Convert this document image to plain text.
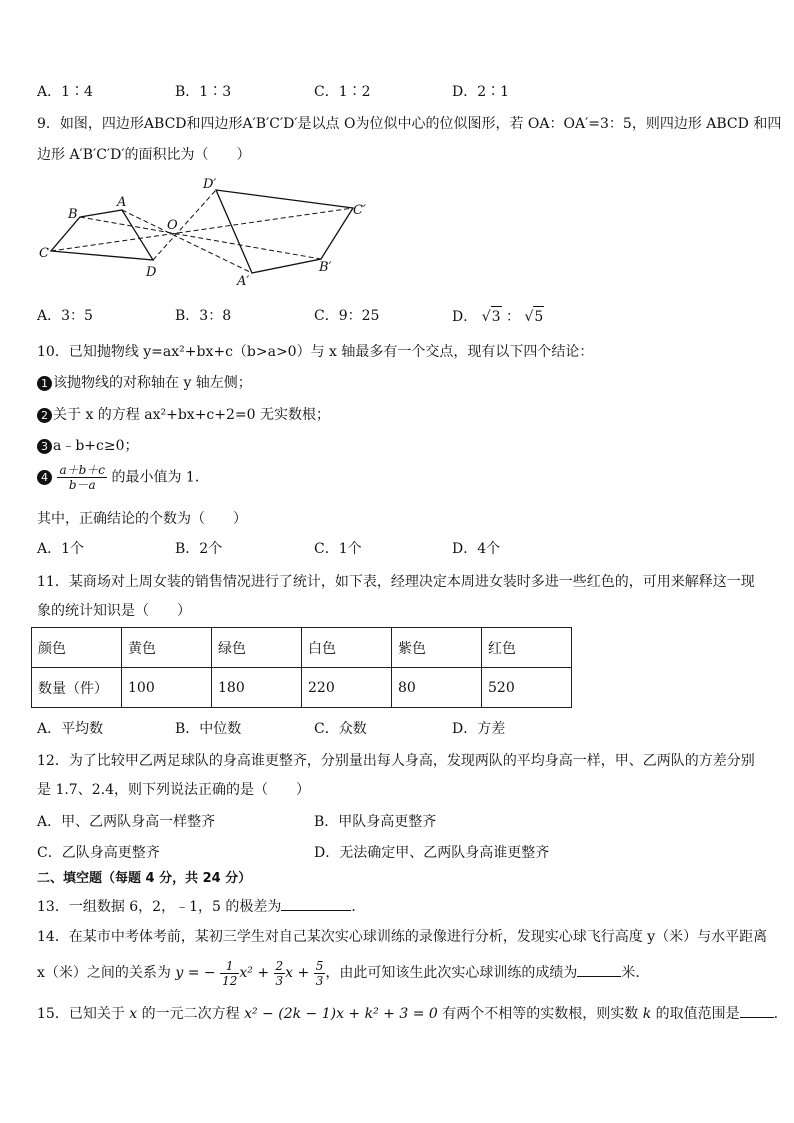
A．1∶4	B．1∶3	C．1∶2	D．2∶1
9．如图，四边形ABCD和四边形A′B′C′D′是以点 O为位似中心的位似图形，若 OA：OA′=3：5，则四边形 ABCD 和四
边形 A′B′C′D′的面积比为（　　）
A
B
C
D
O
A′
B′
C′
D′
A．3：5	B．3：8	C．9：25	D． √3 ： √5
10．已知抛物线 y=ax²+bx+c（b>a>0）与 x 轴最多有一个交点，现有以下四个结论：
1 该抛物线的对称轴在 y 轴左侧；
2 关于 x 的方程 ax²+bx+c+2=0 无实数根；
3 a﹣b+c≥0；
$4 \frac{a+b+c}{b-a}$ 的最小值为 1．
其中，正确结论的个数为（　　）
A．1个	B．2个	C．1个	D．4个
11．某商场对上周女装的销售情况进行了统计，如下表，经理决定本周进女装时多进一些红色的，可用来解释这一现
象的统计知识是（　　）
颜色	黄色	绿色	白色	紫色	红色
数量（件）	100	180	220	80	520
A．平均数	B．中位数	C．众数	D．方差
12．为了比较甲乙两足球队的身高谁更整齐，分别量出每人身高，发现两队的平均身高一样，甲、乙两队的方差分别
是 1.7、2.4，则下列说法正确的是（　　）
A．甲、乙两队身高一样整齐	B．甲队身高更整齐
C．乙队身高更整齐	D．无法确定甲、乙两队身高谁更整齐
二、填空题（每题 4 分，共 24 分）
13．一组数据 6，2，﹣1，5 的极差为	．
14．在某市中考体考前，某初三学生对自己某次实心球训练的录像进行分析，发现实心球飞行高度 y（米）与水平距离
x（米）之间的关系为 y = − $\frac{1}{12} x^2 + \frac{2}{3}$ $x + \frac{5}{3}$ ，由此可知该生此次实心球训练的成绩为	米．
15．已知关于 x 的一元二次方程 x² − (2k − 1)x + k² + 3 = 0 有两个不相等的实数根，则实数 k 的取值范围是 .
